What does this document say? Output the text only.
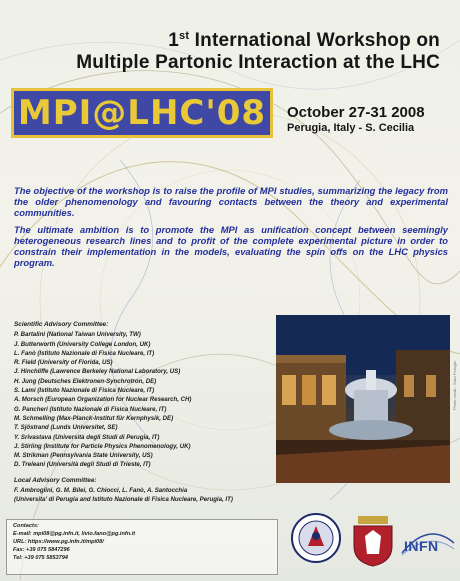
1st International Workshop on
Multiple Partonic Interaction at the LHC
MPI@LHC'08 October 27-31 2008
Perugia, Italy - S. Cecilia

The objective of the workshop is to raise the profile of MPI studies, summarizing the legacy from the older phenomenology and favouring contacts between the theory and experimental communities.

The ultimate ambition is to promote the MPI as unification concept between seemingly heterogeneous research lines and to profit of the complete experimental picture in order to constrain their implementation in the models, evaluating the spin offs on the LHC physics program.

Scientific Advisory Committee:
P. Bartalini (National Taiwan University, TW)
J. Butterworth (University College London, UK)
L. Fanò (Istituto Nazionale di Fisica Nucleare, IT)
R. Field (University of Florida, US)
J. Hinchliffe (Lawrence Berkeley National Laboratory, US)
H. Jung (Deutsches Elektronen-Synchrotron, DE)
S. Lami (Istituto Nazionale di Fisica Nucleare, IT)
A. Morsch (European Organization for Nuclear Research, CH)
G. Pancheri (Istituto Nazionale di Fisica Nucleare, IT)
M. Schmelling (Max-Planck-Institut für Kernphysik, DE)
T. Sjöstrand (Lunds Universitet, SE)
Y. Srivastava (Università degli Studi di Perugia, IT)
J. Stirling (Institute for Particle Physics Phenomenology, UK)
M. Strikman (Pennsylvania State University, US)
D. Treleani (Università degli Studi di Trieste, IT)
Local Advisory Committee:
F. Ambroglini, G. M. Bilei, G. Chiocci, L. Fanò, A. Santocchia
(Universita' di Perugia and Istituto Nazionale di Fisica Nucleare, Perugia, IT)
Photo credit - Sisto Perugia
Contacts:
E-mail: mpi08@pg.infn.it, livio.fano@pg.infn.it
URL: https://www.pg.infn.it/mpi08/
Fax: +39 075 5847296
Tel: +39 075 5853794
INFN
